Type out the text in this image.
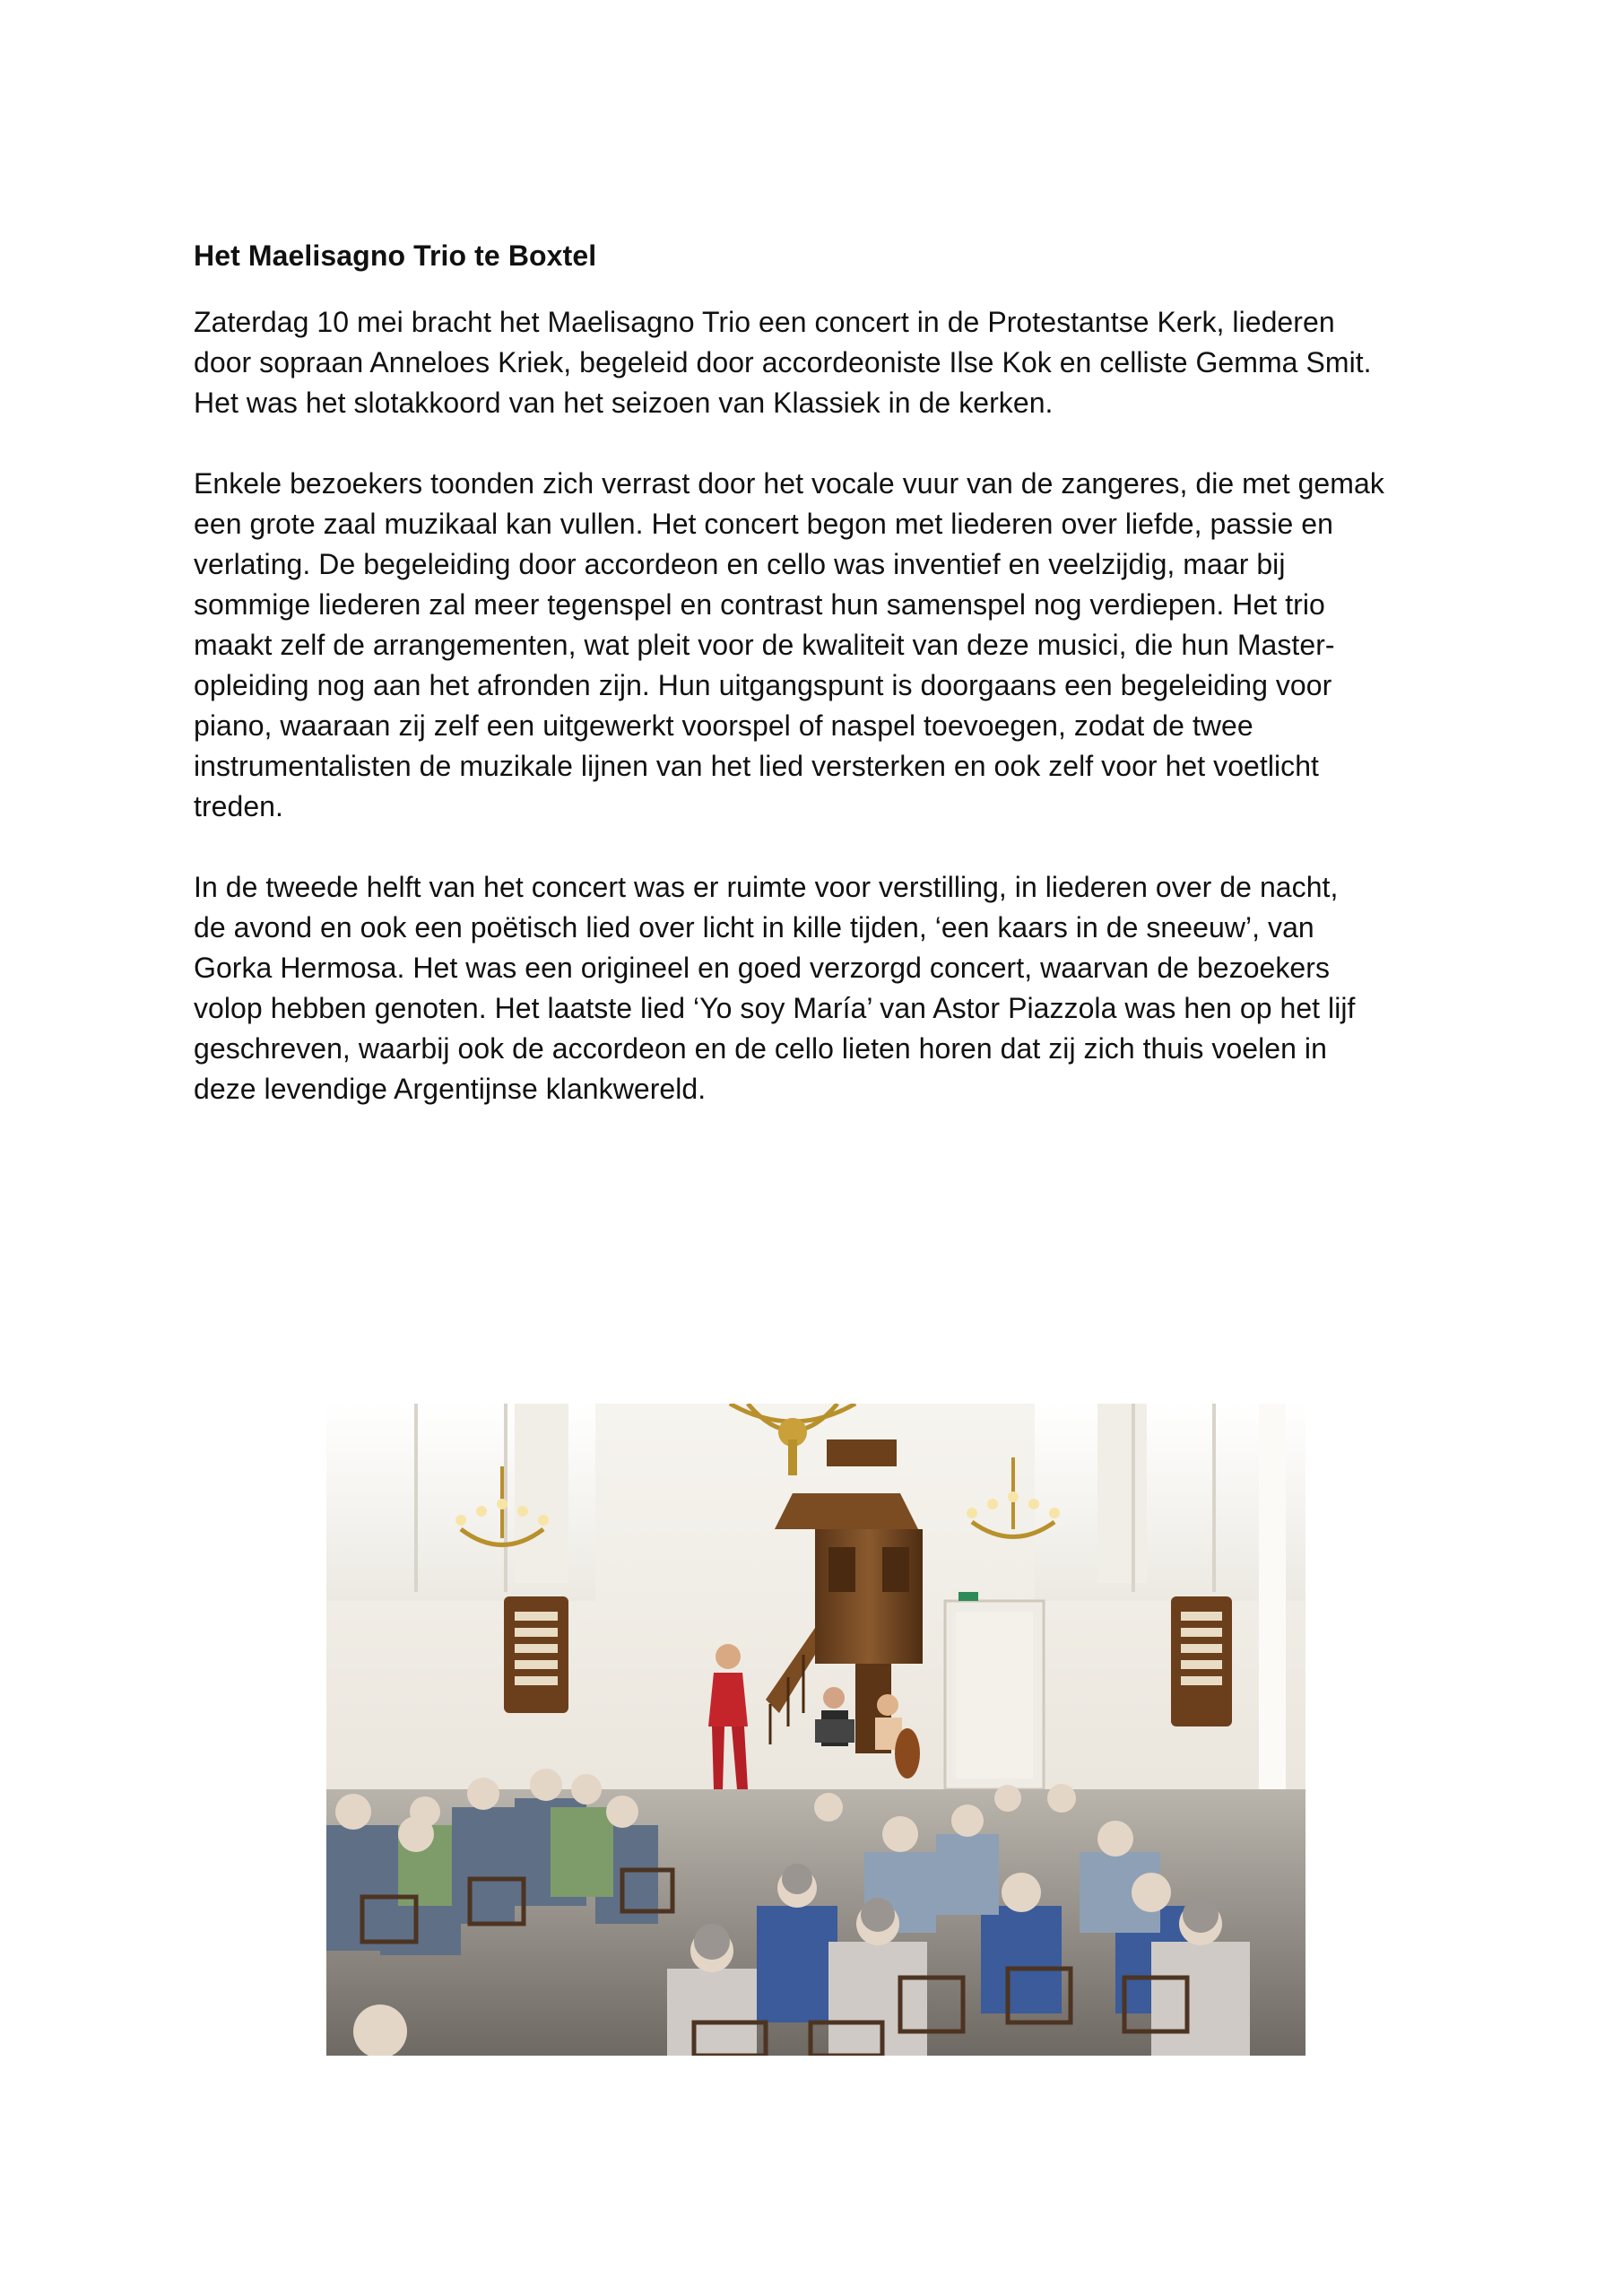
Het Maelisagno Trio te Boxtel
Zaterdag 10 mei bracht het Maelisagno Trio een concert in de Protestantse Kerk, liederen
door sopraan Anneloes Kriek, begeleid door accordeoniste Ilse Kok en celliste Gemma Smit.
Het was het slotakkoord van het seizoen van Klassiek in de kerken.
Enkele bezoekers toonden zich verrast door het vocale vuur van de zangeres, die met gemak
een grote zaal muzikaal kan vullen. Het concert begon met liederen over liefde, passie en
verlating. De begeleiding door accordeon en cello was inventief en veelzijdig, maar bij
sommige liederen zal meer tegenspel en contrast hun samenspel nog verdiepen. Het trio
maakt zelf de arrangementen, wat pleit voor de kwaliteit van deze musici, die hun Master-
opleiding nog aan het afronden zijn. Hun uitgangspunt is doorgaans een begeleiding voor
piano, waaraan zij zelf een uitgewerkt voorspel of naspel toevoegen, zodat de twee
instrumentalisten de muzikale lijnen van het lied versterken en ook zelf voor het voetlicht
treden.
In de tweede helft van het concert was er ruimte voor verstilling, in liederen over de nacht,
de avond en ook een poëtisch lied over licht in kille tijden, ‘een kaars in de sneeuw’, van
Gorka Hermosa. Het was een origineel en goed verzorgd concert, waarvan de bezoekers
volop hebben genoten. Het laatste lied ‘Yo soy María’ van Astor Piazzola was hen op het lijf
geschreven, waarbij ook de accordeon en de cello lieten horen dat zij zich thuis voelen in
deze levendige Argentijnse klankwereld.
